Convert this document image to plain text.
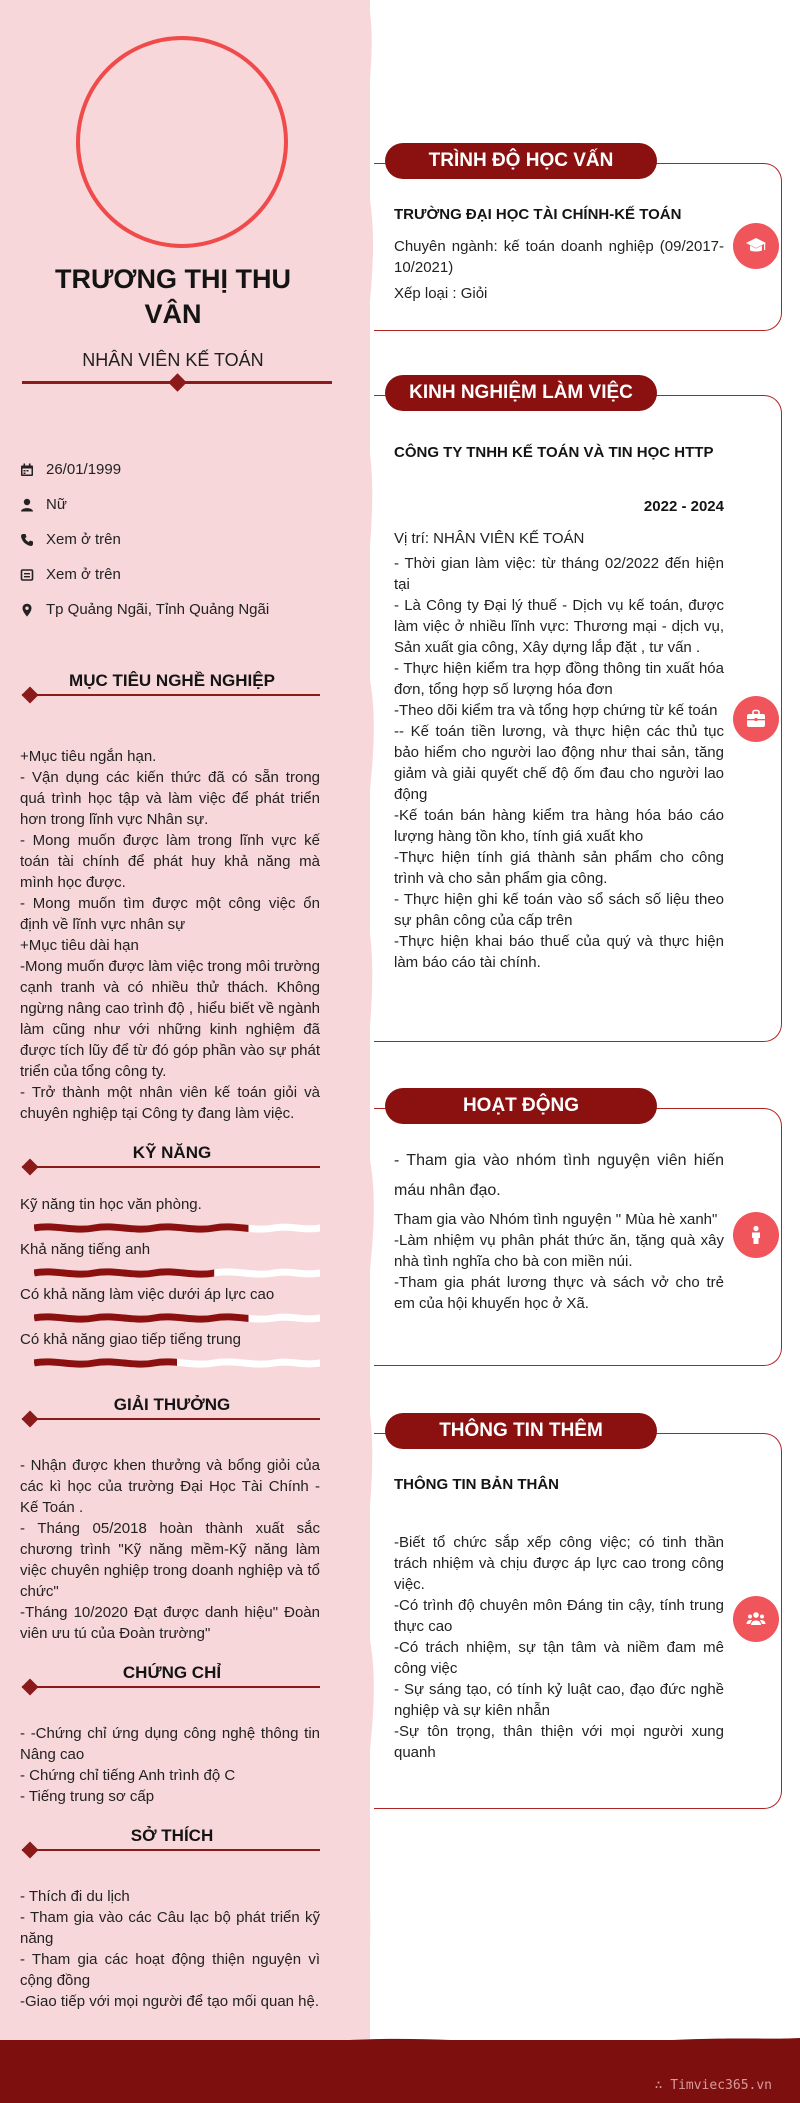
TRƯƠNG THỊ THU
VÂN
NHÂN VIÊN KẾ TOÁN
26/01/1999
Nữ
Xem ở trên
Xem ở trên
Tp Quảng Ngãi, Tỉnh Quảng Ngãi
MỤC TIÊU NGHỀ NGHIỆP

+Mục tiêu ngắn hạn.

- Vận dụng các kiến thức đã có sẵn trong quá trình học tập và làm việc để phát triển hơn trong lĩnh vực Nhân sự.

- Mong muốn được làm trong lĩnh vực kế toán tài chính để phát huy khả năng mà mình học được.

- Mong muốn tìm được một công việc ổn định về lĩnh vực nhân sự

+Mục tiêu dài hạn

-Mong muốn được làm việc trong môi trường cạnh tranh và có nhiều thử thách. Không ngừng nâng cao trình độ , hiểu biết về ngành làm cũng như với những kinh nghiệm đã được tích lũy để từ đó góp phần vào sự phát triển của tổng công ty.

- Trở thành một nhân viên kế toán giỏi và chuyên nghiệp tại Công ty đang làm việc.

KỸ NĂNG
Kỹ năng tin học văn phòng.
Khả năng tiếng anh
Có khả năng làm việc dưới áp lực cao
Có khả năng giao tiếp tiếng trung
GIẢI THƯỞNG

- Nhận được khen thưởng và bổng giỏi của các kì học của trường Đại Học Tài Chính - Kế Toán .

- Tháng 05/2018 hoàn thành xuất sắc chương trình "Kỹ năng mềm-Kỹ năng làm việc chuyên nghiệp trong doanh nghiệp và tổ chức"

-Tháng 10/2020 Đạt được danh hiệu" Đoàn viên ưu tú của Đoàn trường"

CHỨNG CHỈ

- -Chứng chỉ ứng dụng công nghệ thông tin Nâng cao

- Chứng chỉ tiếng Anh trình độ C

- Tiếng trung sơ cấp

SỞ THÍCH

- Thích đi du lịch

- Tham gia vào các Câu lạc bộ phát triển kỹ năng

- Tham gia các hoạt động thiện nguyện vì cộng đồng

-Giao tiếp với mọi người để tạo mối quan hệ.

TRÌNH ĐỘ HỌC VẤN
TRƯỜNG ĐẠI HỌC TÀI CHÍNH-KẾ TOÁN
Chuyên ngành: kế toán doanh nghiệp (09/2017-10/2021)
Xếp loại : Giỏi
KINH NGHIỆM LÀM VIỆC
CÔNG TY TNHH KẾ TOÁN VÀ TIN HỌC HTTP
2022 - 2024
Vị trí: NHÂN VIÊN KẾ TOÁN

- Thời gian làm việc: từ tháng 02/2022 đến hiện tại

- Là Công ty Đại lý thuế - Dịch vụ kế toán, được làm việc ở nhiều lĩnh vực: Thương mại - dịch vụ, Sản xuất gia công, Xây dựng lắp đặt , tư vấn .

- Thực hiện kiểm tra hợp đồng thông tin xuất hóa đơn, tổng hợp số lượng hóa đơn

-Theo dõi kiểm tra và tổng hợp chứng từ kế toán

-- Kế toán tiền lương, và thực hiện các thủ tục bảo hiểm cho người lao động như thai sản, tăng giảm và giải quyết chế độ ốm đau cho người lao động

-Kế toán bán hàng kiểm tra hàng hóa báo cáo lượng hàng tồn kho, tính giá xuất kho

-Thực hiện tính giá thành sản phẩm cho công trình và cho sản phẩm gia công.

- Thực hiện ghi kế toán vào sổ sách số liệu theo sự phân công của cấp trên

-Thực hiện khai báo thuế của quý và thực hiện làm báo cáo tài chính.

HOẠT ĐỘNG
- Tham gia vào nhóm tình nguyện viên hiến máu nhân đạo.

Tham gia vào Nhóm tình nguyện " Mùa hè xanh"

-Làm nhiệm vụ phân phát thức ăn, tặng quà xây nhà tình nghĩa cho bà con miền núi.

-Tham gia phát lương thực và sách vở cho trẻ em của hội khuyến học ở Xã.

THÔNG TIN THÊM
THÔNG TIN BẢN THÂN

-Biết tổ chức sắp xếp công việc; có tinh thần trách nhiệm và chịu được áp lực cao trong công việc.

-Có trình độ chuyên môn Đáng tin cậy, tính trung thực cao

-Có trách nhiệm, sự tận tâm và niềm đam mê công việc

- Sự sáng tạo, có tính kỷ luật cao, đạo đức nghề nghiệp và sự kiên nhẫn

-Sự tôn trọng, thân thiện với mọi người xung quanh

∴ Timviec365.vn
